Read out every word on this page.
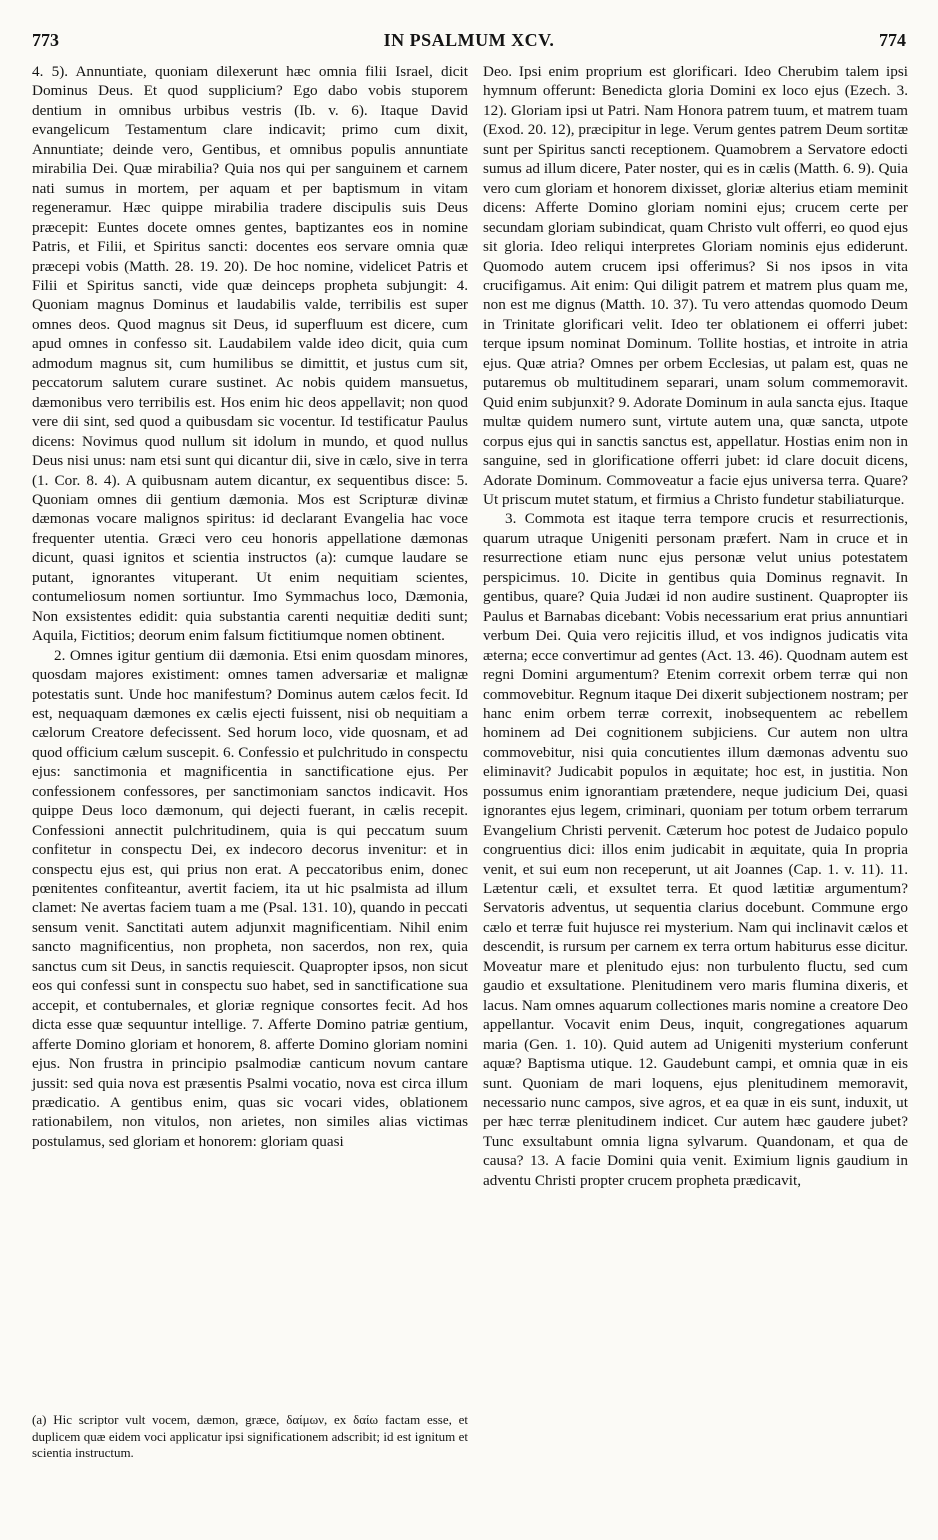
773	IN PSALMUM XCV.	774

4. 5). Annuntiate, quoniam dilexerunt hæc omnia filii Israel, dicit Dominus Deus. Et quod supplicium? Ego dabo vobis stuporem dentium in omnibus urbibus vestris (Ib. v. 6). Itaque David evangelicum Testamentum clare indicavit; primo cum dixit, Annuntiate; deinde vero, Gentibus, et omnibus populis annuntiate mirabilia Dei. Quæ mirabilia? Quia nos qui per sanguinem et carnem nati sumus in mortem, per aquam et per baptismum in vitam regeneramur. Hæc quippe mirabilia tradere discipulis suis Deus præcepit: Euntes docete omnes gentes, baptizantes eos in nomine Patris, et Filii, et Spiritus sancti: docentes eos servare omnia quæ præcepi vobis (Matth. 28. 19. 20). De hoc nomine, videlicet Patris et Filii et Spiritus sancti, vide quæ deinceps propheta subjungit: 4. Quoniam magnus Dominus et laudabilis valde, terribilis est super omnes deos. Quod magnus sit Deus, id superfluum est dicere, cum apud omnes in confesso sit. Laudabilem valde ideo dicit, quia cum admodum magnus sit, cum humilibus se dimittit, et justus cum sit, peccatorum salutem curare sustinet. Ac nobis quidem mansuetus, dæmonibus vero terribilis est. Hos enim hic deos appellavit; non quod vere dii sint, sed quod a quibusdam sic vocentur. Id testificatur Paulus dicens: Novimus quod nullum sit idolum in mundo, et quod nullus Deus nisi unus: nam etsi sunt qui dicantur dii, sive in cælo, sive in terra (1. Cor. 8. 4). A quibusnam autem dicantur, ex sequentibus disce: 5. Quoniam omnes dii gentium dæmonia. Mos est Scripturæ divinæ dæmonas vocare malignos spiritus: id declarant Evangelia hac voce frequenter utentia. Græci vero ceu honoris appellatione dæmonas dicunt, quasi ignitos et scientia instructos (a): cumque laudare se putant, ignorantes vituperant. Ut enim nequitiam scientes, contumeliosum nomen sortiuntur. Imo Symmachus loco, Dæmonia, Non exsistentes edidit: quia substantia carenti nequitiæ dediti sunt; Aquila, Fictitios; deorum enim falsum fictitiumque nomen obtinent.

2. Omnes igitur gentium dii dæmonia. Etsi enim quosdam minores, quosdam majores existiment: omnes tamen adversariæ et malignæ potestatis sunt. Unde hoc manifestum? Dominus autem cælos fecit. Id est, nequaquam dæmones ex cælis ejecti fuissent, nisi ob nequitiam a cælorum Creatore defecissent. Sed horum loco, vide quosnam, et ad quod officium cælum suscepit. 6. Confessio et pulchritudo in conspectu ejus: sanctimonia et magnificentia in sanctificatione ejus. Per confessionem confessores, per sanctimoniam sanctos indicavit. Hos quippe Deus loco dæmonum, qui dejecti fuerant, in cælis recepit. Confessioni annectit pulchritudinem, quia is qui peccatum suum confitetur in conspectu Dei, ex indecoro decorus invenitur: et in conspectu ejus est, qui prius non erat. A peccatoribus enim, donec pœnitentes confiteantur, avertit faciem, ita ut hic psalmista ad illum clamet: Ne avertas faciem tuam a me (Psal. 131. 10), quando in peccati sensum venit. Sanctitati autem adjunxit magnificentiam. Nihil enim sancto magnificentius, non propheta, non sacerdos, non rex, quia sanctus cum sit Deus, in sanctis requiescit. Quapropter ipsos, non sicut eos qui confessi sunt in conspectu suo habet, sed in sanctificatione sua accepit, et contubernales, et gloriæ regnique consortes fecit. Ad hos dicta esse quæ sequuntur intellige. 7. Afferte Domino patriæ gentium, afferte Domino gloriam et honorem, 8. afferte Domino gloriam nomini ejus. Non frustra in principio psalmodiæ canticum novum cantare jussit: sed quia nova est præsentis Psalmi vocatio, nova est circa illum prædicatio. A gentibus enim, quas sic vocari vides, oblationem rationabilem, non vitulos, non arietes, non similes alias victimas postulamus, sed gloriam et honorem: gloriam quasi

(a) Hic scriptor vult vocem, dæmon, græce, δαίμων, ex δαίω factam esse, et duplicem quæ eidem voci applicatur ipsi significationem adscribit; id est ignitum et scientia instructum.

Deo. Ipsi enim proprium est glorificari. Ideo Cherubim talem ipsi hymnum offerunt: Benedicta gloria Domini ex loco ejus (Ezech. 3. 12). Gloriam ipsi ut Patri. Nam Honora patrem tuum, et matrem tuam (Exod. 20. 12), præcipitur in lege. Verum gentes patrem Deum sortitæ sunt per Spiritus sancti receptionem. Quamobrem a Servatore edocti sumus ad illum dicere, Pater noster, qui es in cælis (Matth. 6. 9). Quia vero cum gloriam et honorem dixisset, gloriæ alterius etiam meminit dicens: Afferte Domino gloriam nomini ejus; crucem certe per secundam gloriam subindicat, quam Christo vult offerri, eo quod ejus sit gloria. Ideo reliqui interpretes Gloriam nominis ejus ediderunt. Quomodo autem crucem ipsi offerimus? Si nos ipsos in vita crucifigamus. Ait enim: Qui diligit patrem et matrem plus quam me, non est me dignus (Matth. 10. 37). Tu vero attendas quomodo Deum in Trinitate glorificari velit. Ideo ter oblationem ei offerri jubet: terque ipsum nominat Dominum. Tollite hostias, et introite in atria ejus. Quæ atria? Omnes per orbem Ecclesias, ut palam est, quas ne putaremus ob multitudinem separari, unam solum commemoravit. Quid enim subjunxit? 9. Adorate Dominum in aula sancta ejus. Itaque multæ quidem numero sunt, virtute autem una, quæ sancta, utpote corpus ejus qui in sanctis sanctus est, appellatur. Hostias enim non in sanguine, sed in glorificatione offerri jubet: id clare docuit dicens, Adorate Dominum. Commoveatur a facie ejus universa terra. Quare? Ut priscum mutet statum, et firmius a Christo fundetur stabiliaturque.

3. Commota est itaque terra tempore crucis et resurrectionis, quarum utraque Unigeniti personam præfert. Nam in cruce et in resurrectione etiam nunc ejus personæ velut unius potestatem perspicimus. 10. Dicite in gentibus quia Dominus regnavit. In gentibus, quare? Quia Judæi id non audire sustinent. Quapropter iis Paulus et Barnabas dicebant: Vobis necessarium erat prius annuntiari verbum Dei. Quia vero rejicitis illud, et vos indignos judicatis vita æterna; ecce convertimur ad gentes (Act. 13. 46). Quodnam autem est regni Domini argumentum? Etenim correxit orbem terræ qui non commovebitur. Regnum itaque Dei dixerit subjectionem nostram; per hanc enim orbem terræ correxit, inobsequentem ac rebellem hominem ad Dei cognitionem subjiciens. Cur autem non ultra commovebitur, nisi quia concutientes illum dæmonas adventu suo eliminavit? Judicabit populos in æquitate; hoc est, in justitia. Non possumus enim ignorantiam prætendere, neque judicium Dei, quasi ignorantes ejus legem, criminari, quoniam per totum orbem terrarum Evangelium Christi pervenit. Cæterum hoc potest de Judaico populo congruentius dici: illos enim judicabit in æquitate, quia In propria venit, et sui eum non receperunt, ut ait Joannes (Cap. 1. v. 11). 11. Lætentur cæli, et exsultet terra. Et quod lætitiæ argumentum? Servatoris adventus, ut sequentia clarius docebunt. Commune ergo cælo et terræ fuit hujusce rei mysterium. Nam qui inclinavit cælos et descendit, is rursum per carnem ex terra ortum habiturus esse dicitur. Moveatur mare et plenitudo ejus: non turbulento fluctu, sed cum gaudio et exsultatione. Plenitudinem vero maris flumina dixeris, et lacus. Nam omnes aquarum collectiones maris nomine a creatore Deo appellantur. Vocavit enim Deus, inquit, congregationes aquarum maria (Gen. 1. 10). Quid autem ad Unigeniti mysterium conferunt aquæ? Baptisma utique. 12. Gaudebunt campi, et omnia quæ in eis sunt. Quoniam de mari loquens, ejus plenitudinem memoravit, necessario nunc campos, sive agros, et ea quæ in eis sunt, induxit, ut per hæc terræ plenitudinem indicet. Cur autem hæc gaudere jubet? Tunc exsultabunt omnia ligna sylvarum. Quandonam, et qua de causa? 13. A facie Domini quia venit. Eximium lignis gaudium in adventu Christi propter crucem propheta prædicavit,
